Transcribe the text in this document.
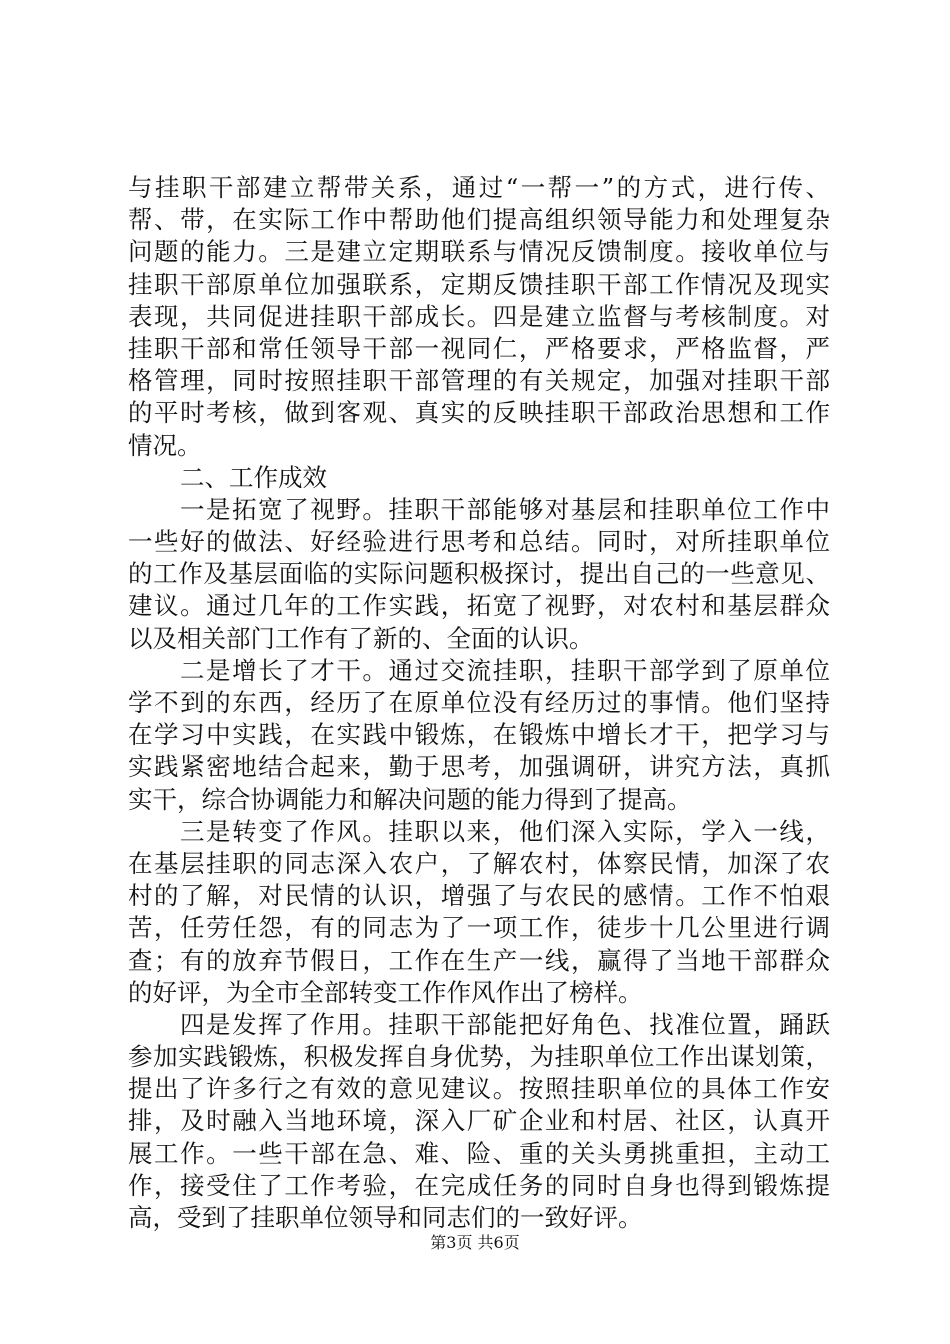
与挂职干部建立帮带关系，通过“一帮一”的方式，进行传、
帮、带，在实际工作中帮助他们提高组织领导能力和处理复杂
问题的能力。三是建立定期联系与情况反馈制度。接收单位与
挂职干部原单位加强联系，定期反馈挂职干部工作情况及现实
表现，共同促进挂职干部成长。四是建立监督与考核制度。对
挂职干部和常任领导干部一视同仁，严格要求，严格监督，严
格管理，同时按照挂职干部管理的有关规定，加强对挂职干部
的平时考核，做到客观、真实的反映挂职干部政治思想和工作
情况。
二、工作成效
一是拓宽了视野。挂职干部能够对基层和挂职单位工作中
一些好的做法、好经验进行思考和总结。同时，对所挂职单位
的工作及基层面临的实际问题积极探讨，提出自己的一些意见、
建议。通过几年的工作实践，拓宽了视野，对农村和基层群众
以及相关部门工作有了新的、全面的认识。
二是增长了才干。通过交流挂职，挂职干部学到了原单位
学不到的东西，经历了在原单位没有经历过的事情。他们坚持
在学习中实践，在实践中锻炼，在锻炼中增长才干，把学习与
实践紧密地结合起来，勤于思考，加强调研，讲究方法，真抓
实干，综合协调能力和解决问题的能力得到了提高。
三是转变了作风。挂职以来，他们深入实际，学入一线，
在基层挂职的同志深入农户，了解农村，体察民情，加深了农
村的了解，对民情的认识，增强了与农民的感情。工作不怕艰
苦，任劳任怨，有的同志为了一项工作，徒步十几公里进行调
查；有的放弃节假日，工作在生产一线，赢得了当地干部群众
的好评，为全市全部转变工作作风作出了榜样。
四是发挥了作用。挂职干部能把好角色、找准位置，踊跃
参加实践锻炼，积极发挥自身优势，为挂职单位工作出谋划策，
提出了许多行之有效的意见建议。按照挂职单位的具体工作安
排，及时融入当地环境，深入厂矿企业和村居、社区，认真开
展工作。一些干部在急、难、险、重的关头勇挑重担，主动工
作，接受住了工作考验，在完成任务的同时自身也得到锻炼提
高，受到了挂职单位领导和同志们的一致好评。
第3页 共6页
